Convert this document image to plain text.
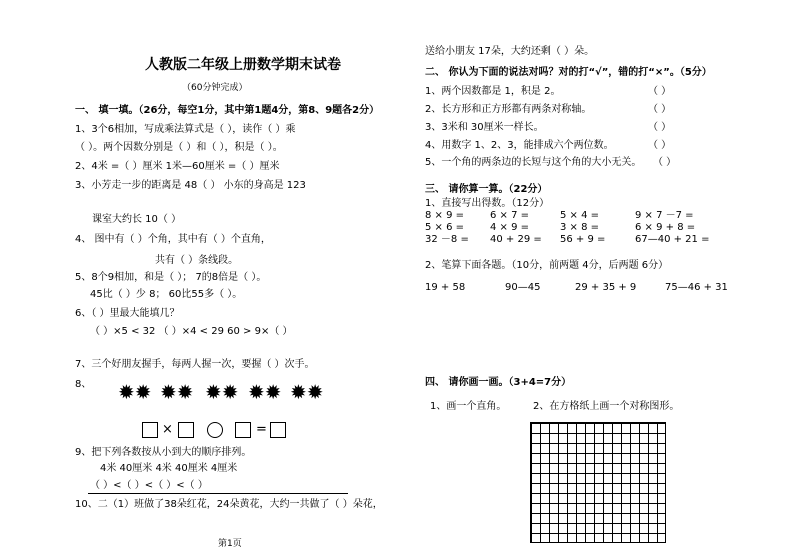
人教版二年级上册数学期末试卷
（60分钟完成）
一、 填一填。（26分，每空1分，其中第1题4分，第8、9题各2分）
1、3个6相加，写成乘法算式是（ ），读作（ ）乘
（ ）。两个因数分别是（ ）和（ ），积是（ ）。
2、4米 =（ ）厘米 1米—60厘米 =（ ）厘米
3、小芳走一步的距离是 48（ ） 小东的身高是 123
课室大约长 10（ ）
4、 图中有（ ）个角，其中有（ ）个直角，
共有（ ）条线段。
5、8个9相加，和是（ ）； 7的8倍是（ ）。
45比（ ）少 8； 60比55多（ ）。
6、（ ）里最大能填几？
（ ）×5 < 32 （ ）×4 < 29 60 > 9×（ ）
7、三个好朋友握手，每两人握一次，要握（ ）次手。
8、 ✹✹ ✹✹ ✹✹ ✹✹ ✹✹
×	=
9、把下列各数按从小到大的顺序排列。
4米 40厘米 4米 40厘米 4厘米
（ ）<（ ）<（ ）<（ ）
10、二（1）班做了38朵红花，24朵黄花，大约一共做了（ ）朵花，
第1页
送给小朋友 17朵，大约还剩（ ）朵。
二、 你认为下面的说法对吗？对的打“√”，错的打“×”。（5分）
1、两个因数都是 1，积是 2。	（ ）
2、长方形和正方形都有两条对称轴。	（ ）
3、3米和 30厘米一样长。	（ ）
4、用数字 1、2、3，能排成六个两位数。	（ ）
5、一个角的两条边的长短与这个角的大小无关。 （ ）
三、 请你算一算。（22分）
1、直接写出得数。（12分）
8 × 9 =	6 × 7 =	5 × 4 =	9 × 7 －7 =
5 × 6 =	4 × 9 =	3 × 8 =	6 × 9 + 8 =
32 －8 = 40 + 29 = 56 + 9 =	67—40 + 21 =
2、笔算下面各题。（10分，前两题 4分，后两题 6分）
19 + 58	90—45	29 + 35 + 9	75—46 + 31
四、 请你画一画。（3+4=7分）
1、画一个直角。	2、在方格纸上画一个对称图形。
